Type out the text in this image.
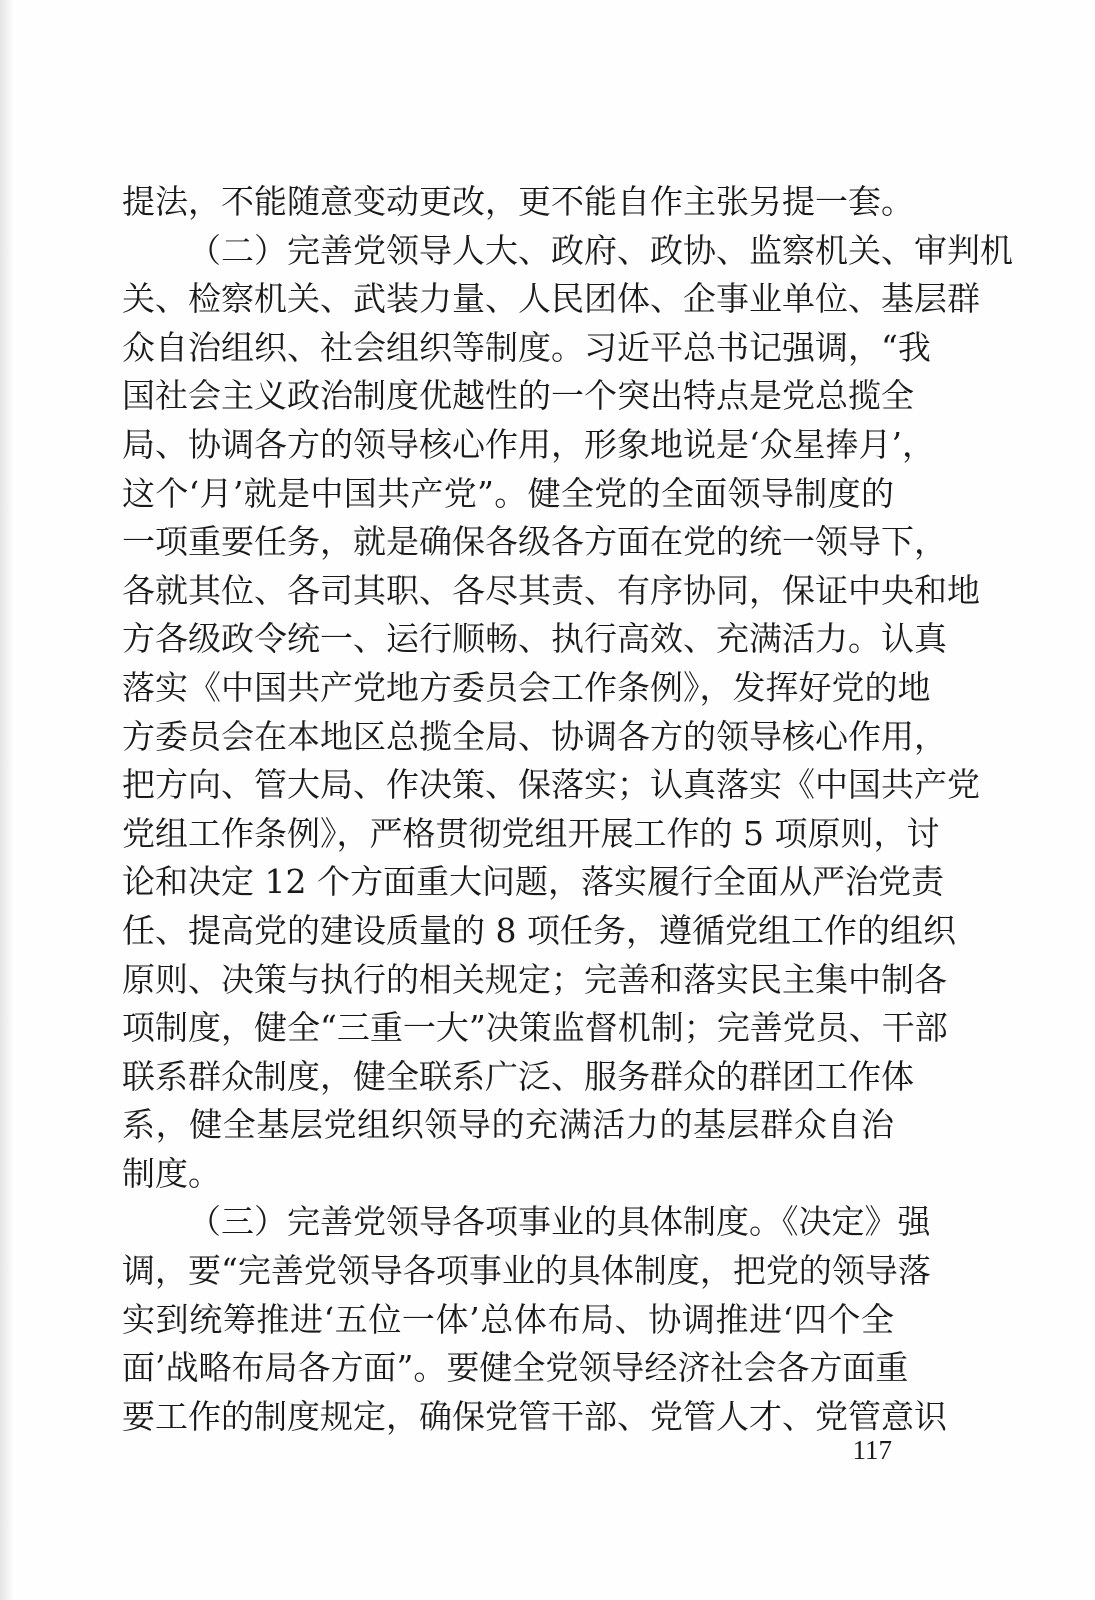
提法，不能随意变动更改，更不能自作主张另提一套。
（二）完善党领导人大、政府、政协、监察机关、审判机
关、检察机关、武装力量、人民团体、企事业单位、基层群
众自治组织、社会组织等制度。习近平总书记强调，“我
国社会主义政治制度优越性的一个突出特点是党总揽全
局、协调各方的领导核心作用，形象地说是‘众星捧月’，
这个‘月’就是中国共产党”。健全党的全面领导制度的
一项重要任务，就是确保各级各方面在党的统一领导下，
各就其位、各司其职、各尽其责、有序协同，保证中央和地
方各级政令统一、运行顺畅、执行高效、充满活力。认真
落实《中国共产党地方委员会工作条例》，发挥好党的地
方委员会在本地区总揽全局、协调各方的领导核心作用，
把方向、管大局、作决策、保落实；认真落实《中国共产党
党组工作条例》，严格贯彻党组开展工作的 5 项原则，讨
论和决定 12 个方面重大问题，落实履行全面从严治党责
任、提高党的建设质量的 8 项任务，遵循党组工作的组织
原则、决策与执行的相关规定；完善和落实民主集中制各
项制度，健全“三重一大”决策监督机制；完善党员、干部
联系群众制度，健全联系广泛、服务群众的群团工作体
系，健全基层党组织领导的充满活力的基层群众自治
制度。
（三）完善党领导各项事业的具体制度。《决定》强
调，要“完善党领导各项事业的具体制度，把党的领导落
实到统筹推进‘五位一体’总体布局、协调推进‘四个全
面’战略布局各方面”。要健全党领导经济社会各方面重
要工作的制度规定，确保党管干部、党管人才、党管意识
117
